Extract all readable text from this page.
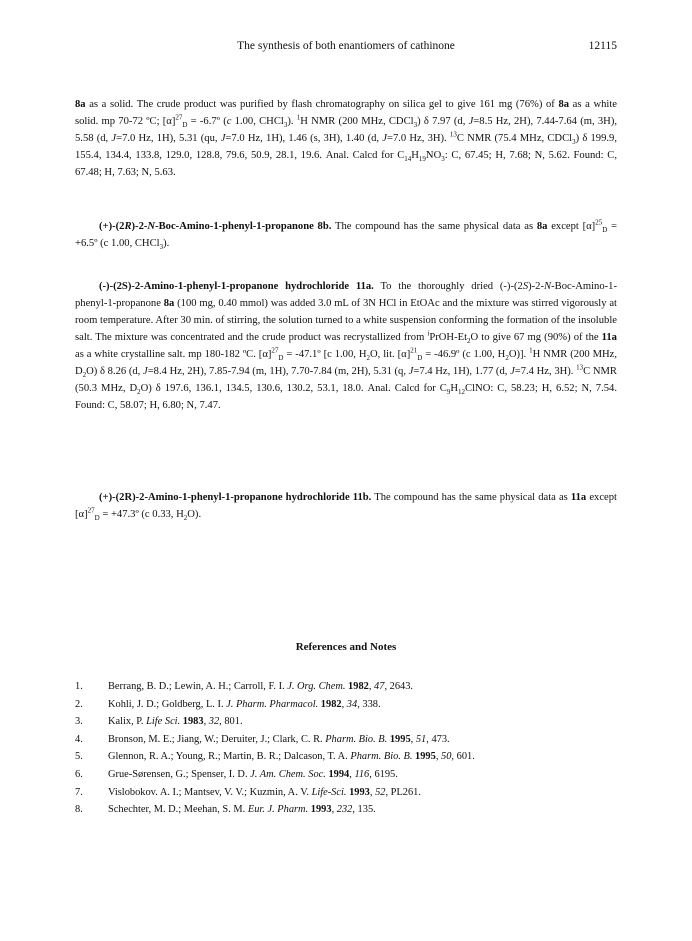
The synthesis of both enantiomers of cathinone	12115

8a as a solid. The crude product was purified by flash chromatography on silica gel to give 161 mg (76%) of 8a as a white solid. mp 70-72 ºC; $[\alpha]^{27}_D$ = -6.7º (c 1.00, CHCl$_3$). $^1$H NMR (200 MHz, CDCl$_3$) δ 7.97 (d, J=8.5 Hz, 2H), 7.44-7.64 (m, 3H), 5.58 (d, J=7.0 Hz, 1H), 5.31 (qu, J=7.0 Hz, 1H), 1.46 (s, 3H), 1.40 (d, J=7.0 Hz, 3H). $^{13}$C NMR (75.4 MHz, CDCl$_3$) δ 199.9, 155.4, 134.4, 133.8, 129.0, 128.8, 79.6, 50.9, 28.1, 19.6. Anal. Calcd for $C_{14}H_{19}NO_3$: C, 67.45; H, 7.68; N, 5.62. Found: C, 67.48; H, 7.63; N, 5.63.

(+)-(2R)-2-N-Boc-Amino-1-phenyl-1-propanone 8b. The compound has the same physical data as 8a except $[\alpha]^{25}_D$ = +6.5º (c 1.00, CHCl$_3$).

(-)-(2S)-2-Amino-1-phenyl-1-propanone hydrochloride 11a. To the thoroughly dried (-)-(2S)-2-N-Boc-Amino-1-phenyl-1-propanone 8a (100 mg, 0.40 mmol) was added 3.0 mL of 3N HCl in EtOAc and the mixture was stirred vigorously at room temperature. After 30 min. of stirring, the solution turned to a white suspension conforming the formation of the insoluble salt. The mixture was concentrated and the crude product was recrystallized from $^iPrOH-Et_2O$ to give 67 mg (90%) of the 11a as a white crystalline salt. mp 180-182 ºC. $[\alpha]^{27}_D$ = -47.1º [c 1.00, $H_2O$, lit. $[\alpha]^{21}_D$ = -46.9º (c 1.00, $H_2O$)]. $^1$H NMR (200 MHz, $D_2O$) δ 8.26 (d, J=8.4 Hz, 2H), 7.85-7.94 (m, 1H), 7.70-7.84 (m, 2H), 5.31 (q, J=7.4 Hz, 1H), 1.77 (d, J=7.4 Hz, 3H). $^{13}$C NMR (50.3 MHz, $D_2O$) δ 197.6, 136.1, 134.5, 130.6, 130.2, 53.1, 18.0. Anal. Calcd for $C_9H_{12}ClNO$: C, 58.23; H, 6.52; N, 7.54. Found: C, 58.07; H, 6.80; N, 7.47.

(+)-(2R)-2-Amino-1-phenyl-1-propanone hydrochloride 11b. The compound has the same physical data as 11a except $[\alpha]^{27}_D$ = +47.3º (c 0.33, $H_2O$).

References and Notes
1. Berrang, B. D.; Lewin, A. H.; Carroll, F. I. J. Org. Chem. 1982, 47, 2643.
2. Kohli, J. D.; Goldberg, L. I. J. Pharm. Pharmacol. 1982, 34, 338.
3. Kalix, P. Life Sci. 1983, 32, 801.
4. Bronson, M. E.; Jiang, W.; Deruiter, J.; Clark, C. R. Pharm. Bio. B. 1995, 51, 473.
5. Glennon, R. A.; Young, R.; Martin, B. R.; Dalcason, T. A. Pharm. Bio. B. 1995, 50, 601.
6. Grue-Sørensen, G.; Spenser, I. D. J. Am. Chem. Soc. 1994, 116, 6195.
7. Vislobokov. A. I.; Mantsev, V. V.; Kuzmin, A. V. Life-Sci. 1993, 52, PL261.
8. Schechter, M. D.; Meehan, S. M. Eur. J. Pharm. 1993, 232, 135.
